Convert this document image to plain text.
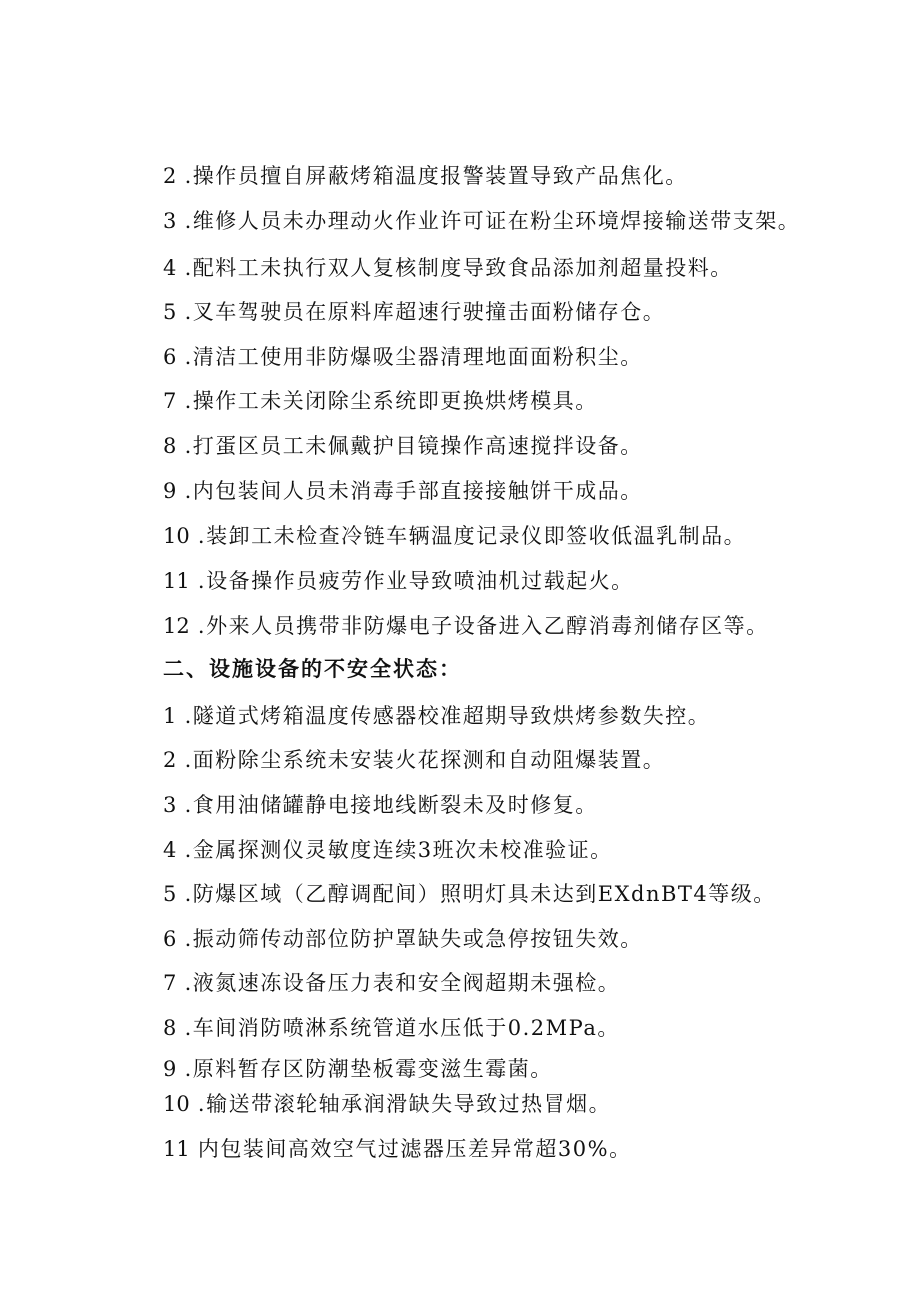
2 .操作员擅自屏蔽烤箱温度报警装置导致产品焦化。
3 .维修人员未办理动火作业许可证在粉尘环境焊接输送带支架。
4 .配料工未执行双人复核制度导致食品添加剂超量投料。
5 .叉车驾驶员在原料库超速行驶撞击面粉储存仓。
6 .清洁工使用非防爆吸尘器清理地面面粉积尘。
7 .操作工未关闭除尘系统即更换烘烤模具。
8 .打蛋区员工未佩戴护目镜操作高速搅拌设备。
9 .内包装间人员未消毒手部直接接触饼干成品。
10 .装卸工未检查冷链车辆温度记录仪即签收低温乳制品。
11 .设备操作员疲劳作业导致喷油机过载起火。
12 .外来人员携带非防爆电子设备进入乙醇消毒剂储存区等。
二、设施设备的不安全状态：
1 .隧道式烤箱温度传感器校准超期导致烘烤参数失控。
2 .面粉除尘系统未安装火花探测和自动阻爆装置。
3 .食用油储罐静电接地线断裂未及时修复。
4 .金属探测仪灵敏度连续3班次未校准验证。
5 .防爆区域（乙醇调配间）照明灯具未达到EXdnBT4等级。
6 .振动筛传动部位防护罩缺失或急停按钮失效。
7 .液氮速冻设备压力表和安全阀超期未强检。
8 .车间消防喷淋系统管道水压低于0.2MPa。
9 .原料暂存区防潮垫板霉变滋生霉菌。
10 .输送带滚轮轴承润滑缺失导致过热冒烟。
11 内包装间高效空气过滤器压差异常超30%。
